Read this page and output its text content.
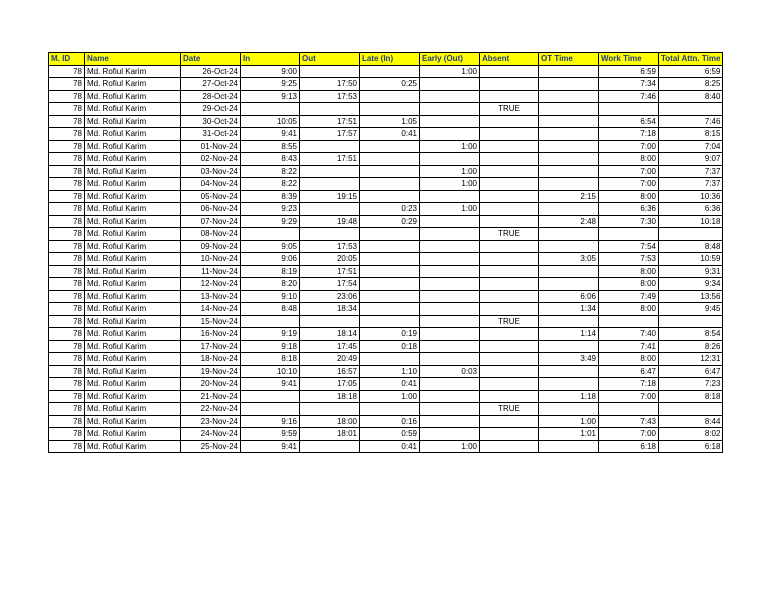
M. ID	Name	Date	In	Out	Late (In)	Early (Out)	Absent	OT Time	Work Time	Total Attn. Time
78	Md. Rofiul Karim	26-Oct-24	9:00			1:00			6:59	6:59
78	Md. Rofiul Karim	27-Oct-24	9:25	17:50	0:25				7:34	8:25
78	Md. Rofiul Karim	28-Oct-24	9:13	17:53					7:46	8:40
78	Md. Rofiul Karim	29-Oct-24					TRUE			
78	Md. Rofiul Karim	30-Oct-24	10:05	17:51	1:05				6:54	7:46
78	Md. Rofiul Karim	31-Oct-24	9:41	17:57	0:41				7:18	8:15
78	Md. Rofiul Karim	01-Nov-24	8:55			1:00			7:00	7:04
78	Md. Rofiul Karim	02-Nov-24	8:43	17:51					8:00	9:07
78	Md. Rofiul Karim	03-Nov-24	8:22			1:00			7:00	7:37
78	Md. Rofiul Karim	04-Nov-24	8:22			1:00			7:00	7:37
78	Md. Rofiul Karim	05-Nov-24	8:39	19:15				2:15	8:00	10:36
78	Md. Rofiul Karim	06-Nov-24	9:23		0:23	1:00			6:36	6:36
78	Md. Rofiul Karim	07-Nov-24	9:29	19:48	0:29			2:48	7:30	10:18
78	Md. Rofiul Karim	08-Nov-24					TRUE			
78	Md. Rofiul Karim	09-Nov-24	9:05	17:53					7:54	8:48
78	Md. Rofiul Karim	10-Nov-24	9:06	20:05				3:05	7:53	10:59
78	Md. Rofiul Karim	11-Nov-24	8:19	17:51					8:00	9:31
78	Md. Rofiul Karim	12-Nov-24	8:20	17:54					8:00	9:34
78	Md. Rofiul Karim	13-Nov-24	9:10	23:06				6:06	7:49	13:56
78	Md. Rofiul Karim	14-Nov-24	8:48	18:34				1:34	8:00	9:45
78	Md. Rofiul Karim	15-Nov-24					TRUE			
78	Md. Rofiul Karim	16-Nov-24	9:19	18:14	0:19			1:14	7:40	8:54
78	Md. Rofiul Karim	17-Nov-24	9:18	17:45	0:18				7:41	8:26
78	Md. Rofiul Karim	18-Nov-24	8:18	20:49				3:49	8:00	12:31
78	Md. Rofiul Karim	19-Nov-24	10:10	16:57	1:10	0:03			6:47	6:47
78	Md. Rofiul Karim	20-Nov-24	9:41	17:05	0:41				7:18	7:23
78	Md. Rofiul Karim	21-Nov-24		18:18	1:00			1:18	7:00	8:18
78	Md. Rofiul Karim	22-Nov-24					TRUE			
78	Md. Rofiul Karim	23-Nov-24	9:16	18:00	0:16			1:00	7:43	8:44
78	Md. Rofiul Karim	24-Nov-24	9:59	18:01	0:59			1:01	7:00	8:02
78	Md. Rofiul Karim	25-Nov-24	9:41		0:41	1:00			6:18	6:18
